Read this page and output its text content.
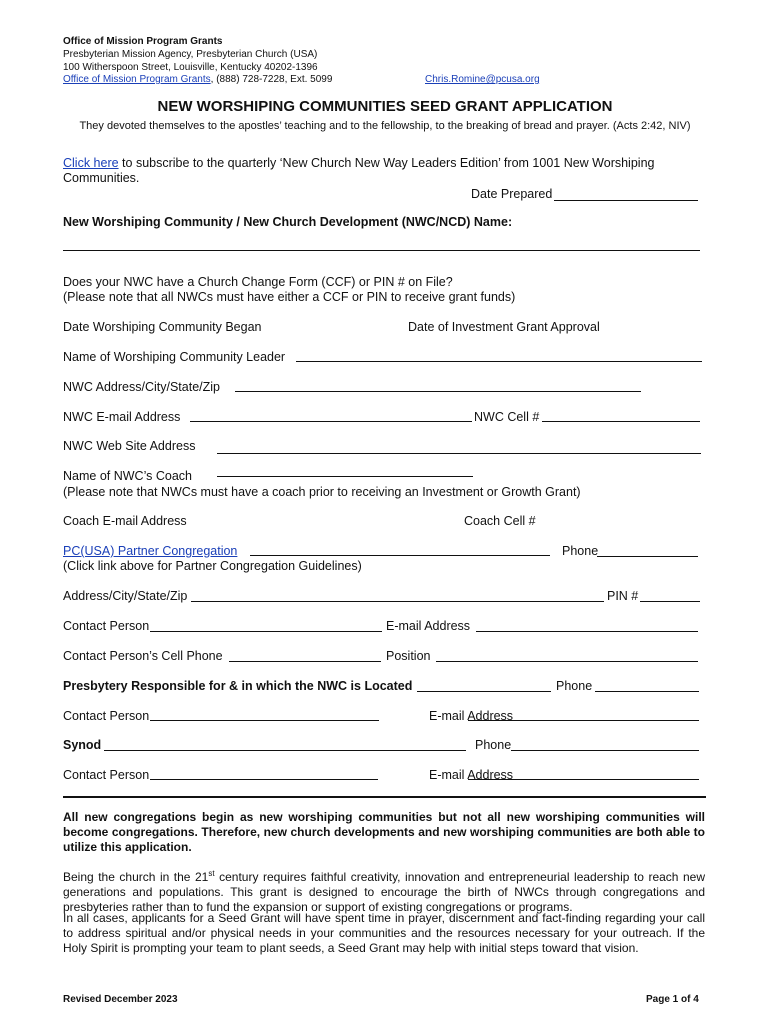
Office of Mission Program Grants
Presbyterian Mission Agency, Presbyterian Church (USA)
100 Witherspoon Street, Louisville, Kentucky 40202-1396
Office of Mission Program Grants, (888) 728-7228, Ext. 5099	Chris.Romine@pcusa.org
NEW WORSHIPING COMMUNITIES SEED GRANT APPLICATION
They devoted themselves to the apostles’ teaching and to the fellowship, to the breaking of bread and prayer. (Acts 2:42, NIV)
Click here to subscribe to the quarterly ‘New Church New Way Leaders Edition’ from 1001 New Worshiping Communities.
Date Prepared
New Worshiping Community / New Church Development (NWC/NCD) Name:
Does your NWC have a Church Change Form (CCF) or PIN # on File?
(Please note that all NWCs must have either a CCF or PIN to receive grant funds)
Date Worshiping Community Began	Date of Investment Grant Approval
Name of Worshiping Community Leader
NWC Address/City/State/Zip
NWC E-mail Address	NWC Cell #
NWC Web Site Address
Name of NWC’s Coach
(Please note that NWCs must have a coach prior to receiving an Investment or Growth Grant)
Coach E-mail Address	Coach Cell #
PC(USA) Partner Congregation	Phone
(Click link above for Partner Congregation Guidelines)
Address/City/State/Zip	PIN #
Contact Person	E-mail Address
Contact Person’s Cell Phone	Position
Presbytery Responsible for & in which the NWC is Located	Phone
Contact Person	E-mail Address
Synod	Phone
Contact Person	E-mail Address
All new congregations begin as new worshiping communities but not all new worshiping communities will become congregations. Therefore, new church developments and new worshiping communities are both able to utilize this application.
Being the church in the 21st century requires faithful creativity, innovation and entrepreneurial leadership to reach new generations and populations. This grant is designed to encourage the birth of NWCs through congregations and presbyteries rather than to fund the expansion or support of existing congregations or programs.
In all cases, applicants for a Seed Grant will have spent time in prayer, discernment and fact-finding regarding your call to address spiritual and/or physical needs in your communities and the resources necessary for your outreach. If the Holy Spirit is prompting your team to plant seeds, a Seed Grant may help with initial steps toward that vision.
Revised December 2023	Page 1 of 4
